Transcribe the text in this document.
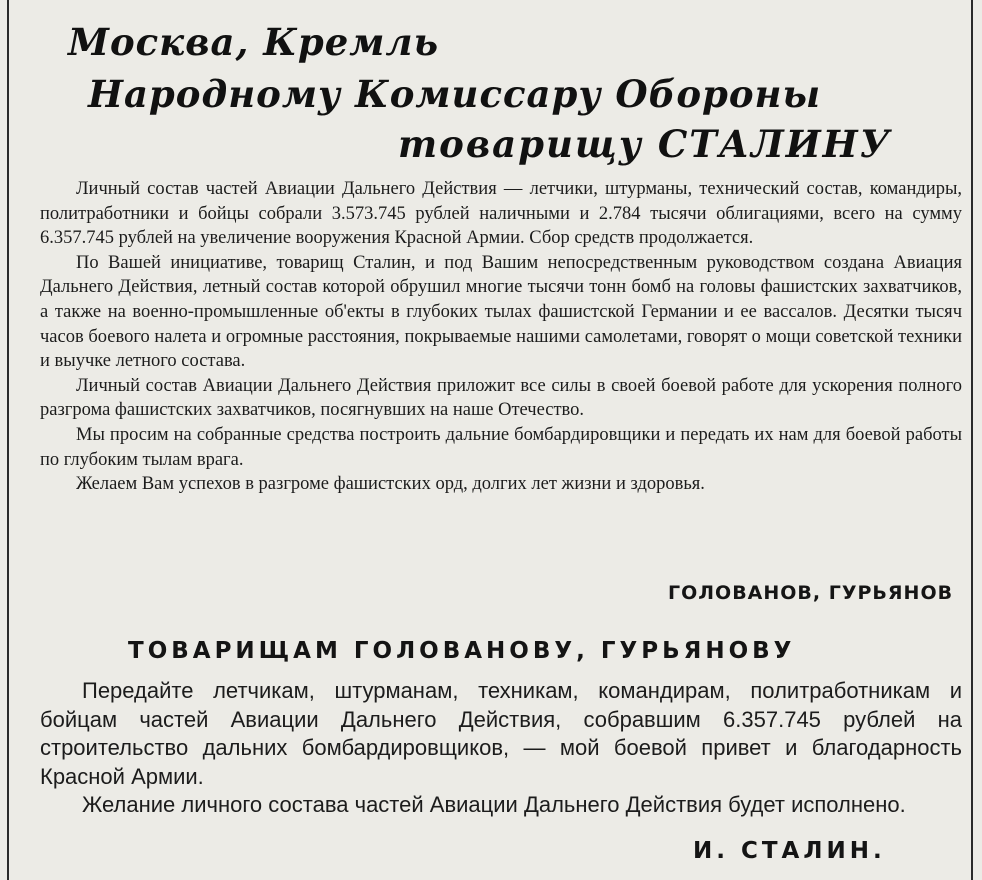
Москва, Кремль
Народному Комиссару Обороны
товарищу СТАЛИНУ

Личный состав частей Авиации Дальнего Действия — летчики, штурманы, технический состав, командиры, политработники и бойцы собрали 3.573.745 рублей наличными и 2.784 тысячи облигациями, всего на сумму 6.357.745 рублей на увеличение вооружения Красной Армии. Сбор средств продолжается.

По Вашей инициативе, товарищ Сталин, и под Вашим непосредственным руководством создана Авиация Дальнего Действия, летный состав которой обрушил многие тысячи тонн бомб на головы фашистских захватчиков, а также на военно-промышленные об'екты в глубоких тылах фашистской Германии и ее вассалов. Десятки тысяч часов боевого налета и огромные расстояния, покрываемые нашими самолетами, говорят о мощи советской техники и выучке летного состава.

Личный состав Авиации Дальнего Действия приложит все силы в своей боевой работе для ускорения полного разгрома фашистских захватчиков, посягнувших на наше Отечество.

Мы просим на собранные средства построить дальние бомбардировщики и передать их нам для боевой работы по глубоким тылам врага.

Желаем Вам успехов в разгроме фашистских орд, долгих лет жизни и здоровья.

ГОЛОВАНОВ, ГУРЬЯНОВ
ТОВАРИЩАМ ГОЛОВАНОВУ, ГУРЬЯНОВУ

Передайте летчикам, штурманам, техникам, командирам, политработникам и бойцам частей Авиации Дальнего Действия, собравшим 6.357.745 рублей на строительство дальних бомбардировщиков, — мой боевой привет и благодарность Красной Армии.

Желание личного состава частей Авиации Дальнего Действия будет исполнено.

И. СТАЛИН.
